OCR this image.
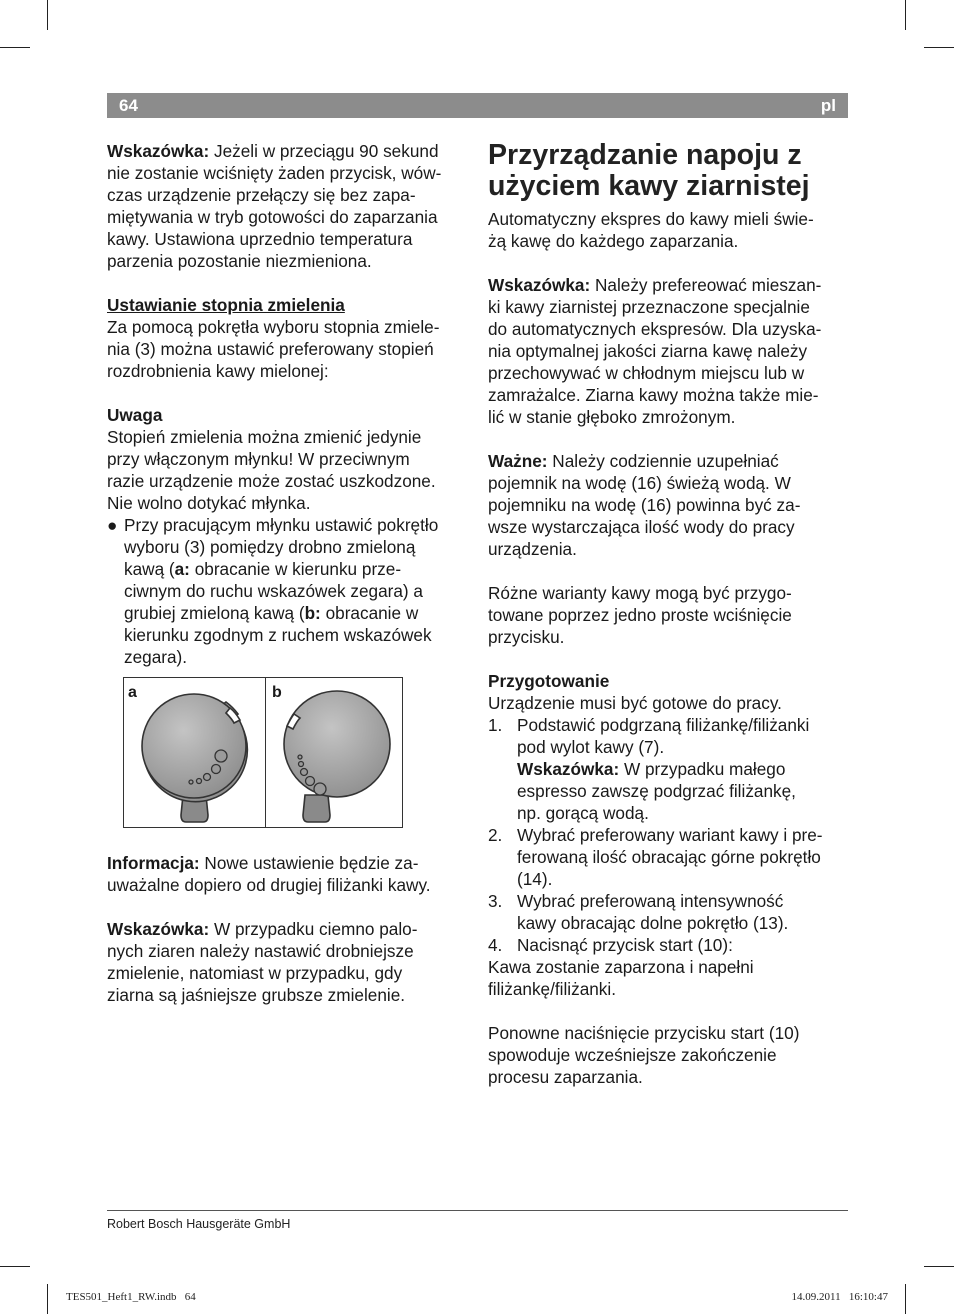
64	pl

Wskazówka: Jeżeli w przeciągu 90 sekund

nie zostanie wciśnięty żaden przycisk, wów-

czas urządzenie przełączy się bez zapa-

miętywania w tryb gotowości do zaparzania

kawy. Ustawiona uprzednio temperatura

parzenia pozostanie niezmieniona.

Ustawianie stopnia zmielenia

Za pomocą pokrętła wyboru stopnia zmiele-

nia (3) można ustawić preferowany stopień

rozdrobnienia kawy mielonej:

Uwaga

Stopień zmielenia można zmienić jedynie

przy włączonym młynku! W przeciwnym

razie urządzenie może zostać uszkodzone.

Nie wolno dotykać młynka.

● Przy pracującym młynku ustawić pokrętło

wyboru (3) pomiędzy drobno zmieloną

kawą (a: obracanie w kierunku prze-

ciwnym do ruchu wskazówek zegara) a

grubiej zmieloną kawą (b: obracanie w

kierunku zgodnym z ruchem wskazówek

zegara).

a	b

Informacja: Nowe ustawienie będzie za-

uważalne dopiero od drugiej filiżanki kawy.

Wskazówka: W przypadku ciemno palo-

nych ziaren należy nastawić drobniejsze

zmielenie, natomiast w przypadku, gdy

ziarna są jaśniejsze grubsze zmielenie.

Przyrządzanie napoju z
użyciem kawy ziarnistej

Automatyczny ekspres do kawy mieli świe-

żą kawę do każdego zaparzania.

Wskazówka: Należy prefereować mieszan-

ki kawy ziarnistej przeznaczone specjalnie

do automatycznych ekspresów. Dla uzyska-

nia optymalnej jakości ziarna kawę należy

przechowywać w chłodnym miejscu lub w

zamrażalce. Ziarna kawy można także mie-

lić w stanie głęboko zmrożonym.

Ważne: Należy codziennie uzupełniać

pojemnik na wodę (16) świeżą wodą. W

pojemniku na wodę (16) powinna być za-

wsze wystarczająca ilość wody do pracy

urządzenia.

Różne warianty kawy mogą być przygo-

towane poprzez jedno proste wciśnięcie

przycisku.

Przygotowanie

Urządzenie musi być gotowe do pracy.

1. Podstawić podgrzaną filiżankę/filiżanki

pod wylot kawy (7).

Wskazówka: W przypadku małego

espresso zawszę podgrzać filiżankę,

np. gorącą wodą.

2. Wybrać preferowany wariant kawy i pre-

ferowaną ilość obracając górne pokrętło

(14).

3. Wybrać preferowaną intensywność

kawy obracając dolne pokrętło (13).

4. Nacisnąć przycisk start (10):

Kawa zostanie zaparzona i napełni

filiżankę/filiżanki.

Ponowne naciśnięcie przycisku start (10)

spowoduje wcześniejsze zakończenie

procesu zaparzania.

Robert Bosch Hausgeräte GmbH
TES501_Heft1_RW.indb   64	14.09.2011   16:10:47
